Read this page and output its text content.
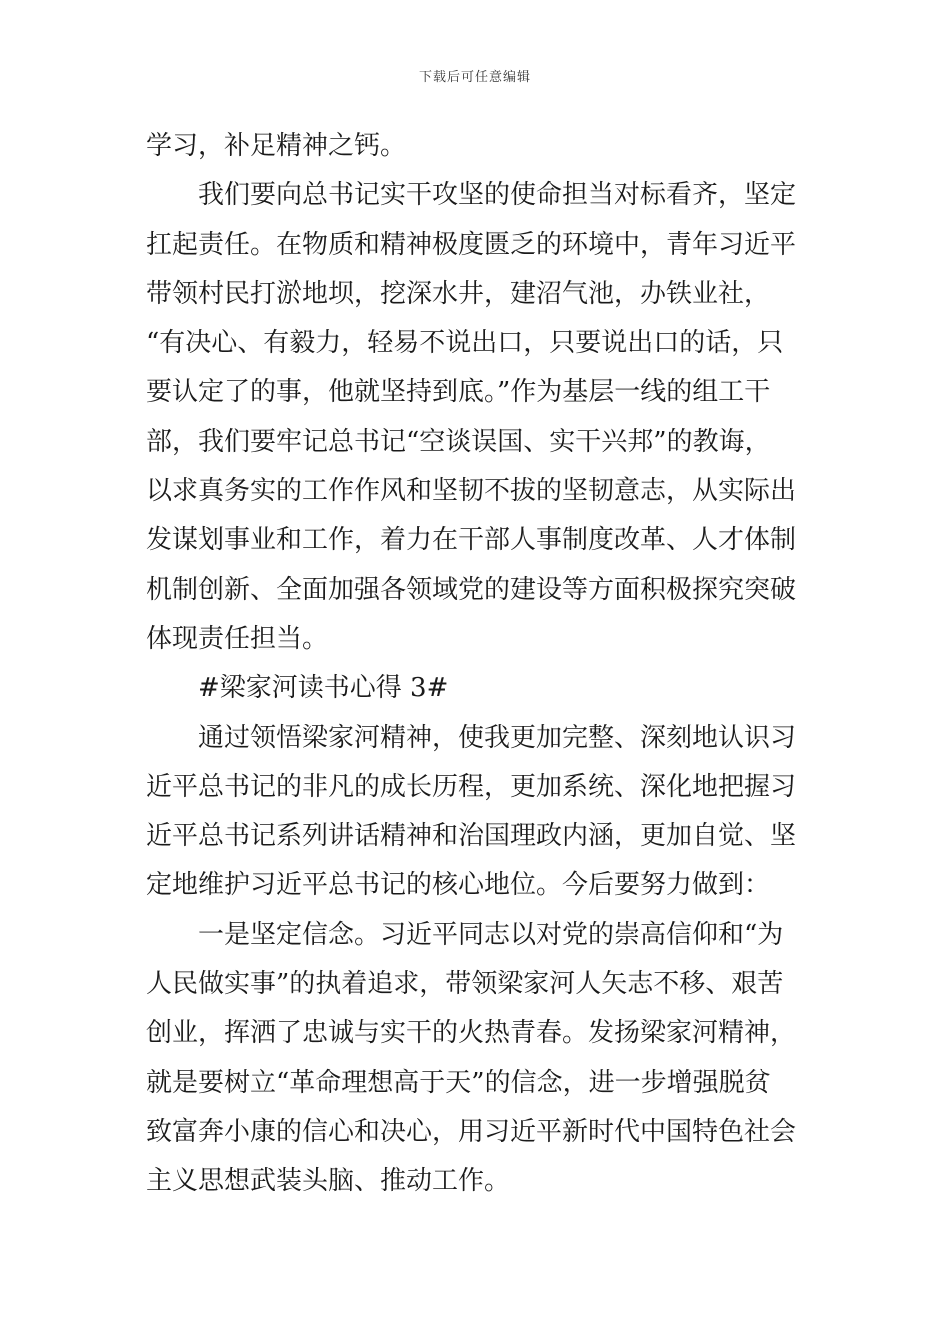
下载后可任意编辑
学习，补足精神之钙。
我们要向总书记实干攻坚的使命担当对标看齐，坚定
扛起责任。在物质和精神极度匮乏的环境中，青年习近平
带领村民打淤地坝，挖深水井，建沼气池，办铁业社，
“有决心、有毅力，轻易不说出口，只要说出口的话，只
要认定了的事，他就坚持到底。”作为基层一线的组工干
部，我们要牢记总书记“空谈误国、实干兴邦”的教诲，
以求真务实的工作作风和坚韧不拔的坚韧意志，从实际出
发谋划事业和工作，着力在干部人事制度改革、人才体制
机制创新、全面加强各领域党的建设等方面积极探究突破
体现责任担当。
#梁家河读书心得 3#
通过领悟梁家河精神，使我更加完整、深刻地认识习
近平总书记的非凡的成长历程，更加系统、深化地把握习
近平总书记系列讲话精神和治国理政内涵，更加自觉、坚
定地维护习近平总书记的核心地位。今后要努力做到：
一是坚定信念。习近平同志以对党的崇高信仰和“为
人民做实事”的执着追求，带领梁家河人矢志不移、艰苦
创业，挥洒了忠诚与实干的火热青春。发扬梁家河精神，
就是要树立“革命理想高于天”的信念，进一步增强脱贫
致富奔小康的信心和决心，用习近平新时代中国特色社会
主义思想武装头脑、推动工作。
